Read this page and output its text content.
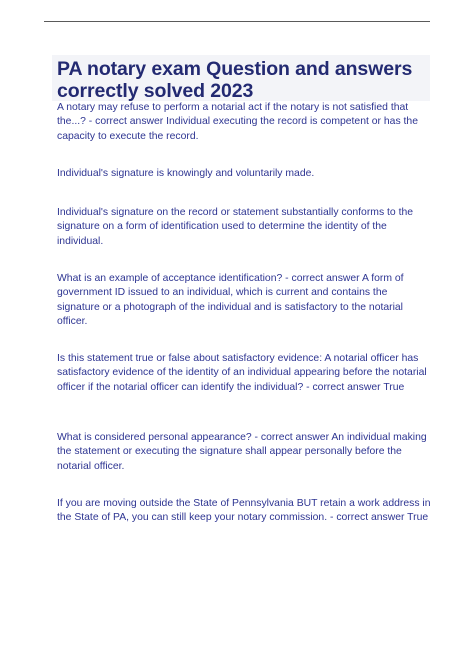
PA notary exam Question and answers correctly solved 2023

A notary may refuse to perform a notarial act if the notary is not satisfied that the...? - correct answer Individual executing the record is competent or has the capacity to execute the record.

Individual's signature is knowingly and voluntarily made.

Individual's signature on the record or statement substantially conforms to the signature on a form of identification used to determine the identity of the individual.

What is an example of acceptance identification? - correct answer A form of government ID issued to an individual, which is current and contains the signature or a photograph of the individual and is satisfactory to the notarial officer.

Is this statement true or false about satisfactory evidence: A notarial officer has satisfactory evidence of the identity of an individual appearing before the notarial officer if the notarial officer can identify the individual? - correct answer True

What is considered personal appearance? - correct answer An individual making the statement or executing the signature shall appear personally before the notarial officer.

If you are moving outside the State of Pennsylvania BUT retain a work address in the State of PA, you can still keep your notary commission. - correct answer True
